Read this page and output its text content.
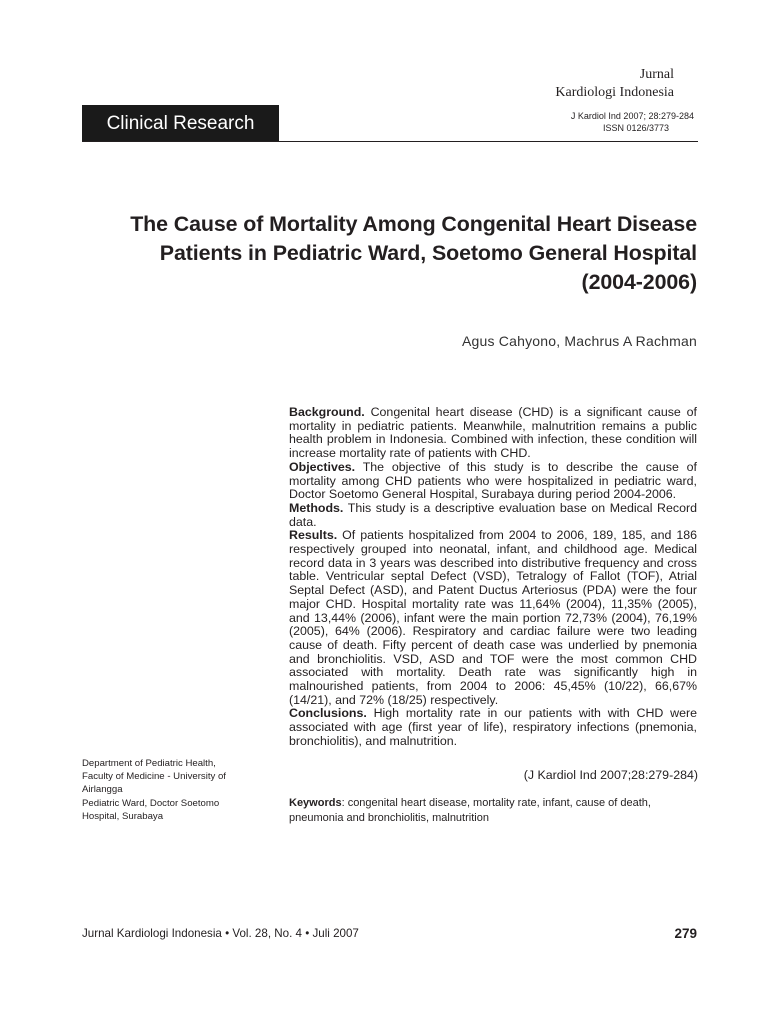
Jurnal
Kardiologi Indonesia
J Kardiol Ind 2007; 28:279-284
ISSN 0126/3773
Clinical Research
The Cause of Mortality Among Congenital Heart Disease
Patients in Pediatric Ward, Soetomo General Hospital
(2004-2006)
Agus Cahyono, Machrus A Rachman

Background. Congenital heart disease (CHD) is a significant cause of mortality in pediatric patients. Meanwhile, malnutrition remains a public health problem in Indonesia. Combined with infection, these condition will increase mortality rate of patients with CHD.

Objectives. The objective of this study is to describe the cause of mortality among CHD patients who were hospitalized in pediatric ward, Doctor Soetomo General Hospital, Surabaya during period 2004-2006.

Methods. This study is a descriptive evaluation base on Medical Record data.

Results. Of patients hospitalized from 2004 to 2006, 189, 185, and 186 respectively grouped into neonatal, infant, and childhood age. Medical record data in 3 years was described into distributive frequency and cross table. Ventricular septal Defect (VSD), Tetralogy of Fallot (TOF), Atrial Septal Defect (ASD), and Patent Ductus Arteriosus (PDA) were the four major CHD. Hospital mortality rate was 11,64% (2004), 11,35% (2005), and 13,44% (2006), infant were the main portion 72,73% (2004), 76,19% (2005), 64% (2006). Respiratory and cardiac failure were two leading cause of death. Fifty percent of death case was underlied by pnemonia and bronchiolitis. VSD, ASD and TOF were the most common CHD associated with mortality. Death rate was significantly high in malnourished patients, from 2004 to 2006: 45,45% (10/22), 66,67% (14/21), and 72% (18/25) respectively.

Conclusions. High mortality rate in our patients with with CHD were associated with age (first year of life), respiratory infections (pnemonia, bronchiolitis), and malnutrition.

(J Kardiol Ind 2007;28:279-284)
Keywords: congenital heart disease, mortality rate, infant, cause of death, pneumonia and bronchiolitis, malnutrition
Department of Pediatric Health,
Faculty of Medicine - University of
Airlangga
Pediatric Ward, Doctor Soetomo
Hospital, Surabaya
Jurnal Kardiologi Indonesia • Vol. 28, No. 4 • Juli 2007	279
